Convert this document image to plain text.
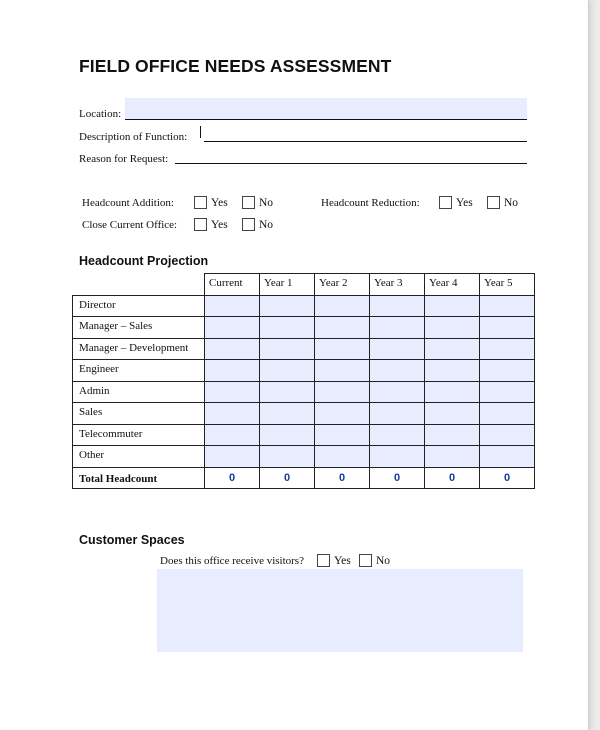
FIELD OFFICE NEEDS ASSESSMENT
Location:
Description of Function:
Reason for Request:
Headcount Addition:	Yes	No	Headcount Reduction:	Yes	No
Close Current Office:	Yes	No
Headcount Projection
	Current	Year 1	Year 2	Year 3	Year 4	Year 5
Director						
Manager – Sales						
Manager – Development						
Engineer						
Admin						
Sales						
Telecommuter						
Other						
Total Headcount	0	0	0	0	0	0
Customer Spaces
Does this office receive visitors?	Yes No
